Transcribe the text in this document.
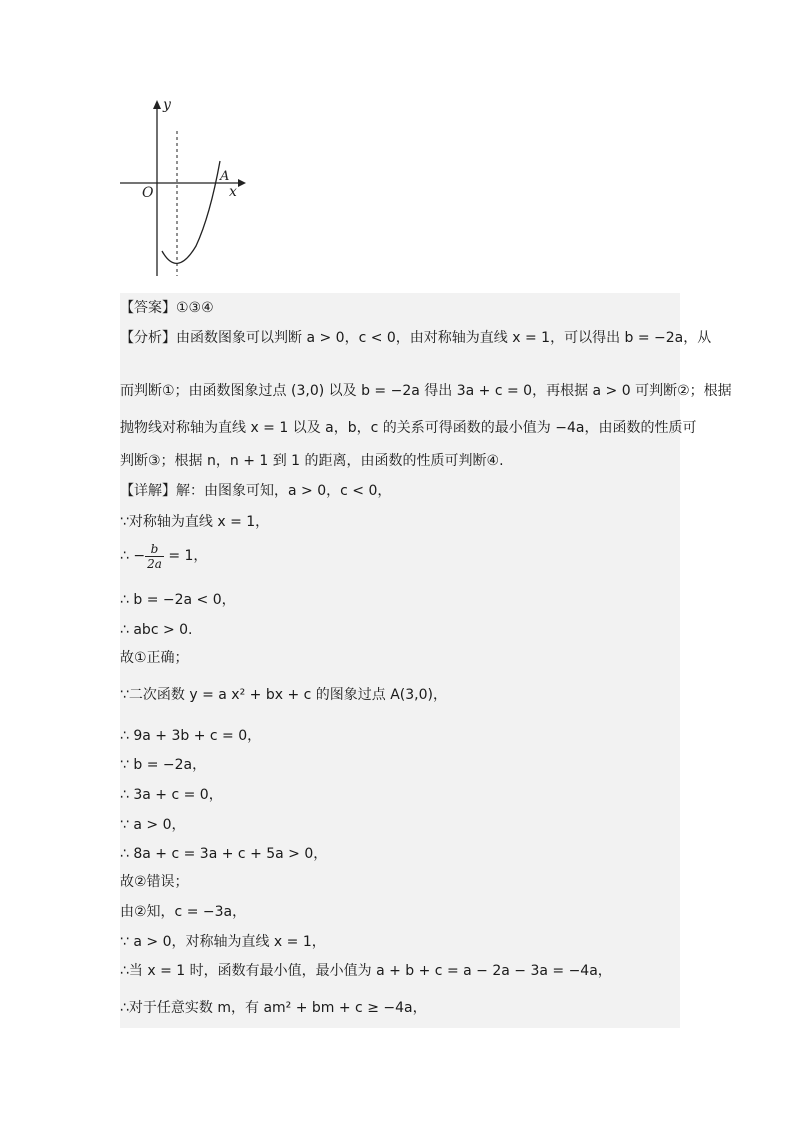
y
x
O
A
【答案】①③④
【分析】由函数图象可以判断 a > 0，c < 0，由对称轴为直线 x = 1，可以得出 b = −2a，从
而判断①；由函数图象过点 (3,0) 以及 b = −2a 得出 3a + c = 0，再根据 a > 0 可判断②；根据
抛物线对称轴为直线 x = 1 以及 a，b，c 的关系可得函数的最小值为 −4a，由函数的性质可
判断③；根据 n，n + 1 到 1 的距离，由函数的性质可判断④.
【详解】解：由图象可知，a > 0，c < 0，
∵对称轴为直线 x = 1，
∴ − $\frac{b}{2a} = 1$，
∴ b = −2a < 0，
∴ abc > 0.
故①正确；
∵二次函数 y = a x² + bx + c 的图象过点 A(3,0)，
∴ 9a + 3b + c = 0，
∵ b = −2a，
∴ 3a + c = 0，
∵ a > 0，
∴ 8a + c = 3a + c + 5a > 0，
故②错误；
由②知，c = −3a，
∵ a > 0，对称轴为直线 x = 1，
∴当 x = 1 时，函数有最小值，最小值为 a + b + c = a − 2a − 3a = −4a，
∴对于任意实数 m，有 am² + bm + c ≥ −4a，
